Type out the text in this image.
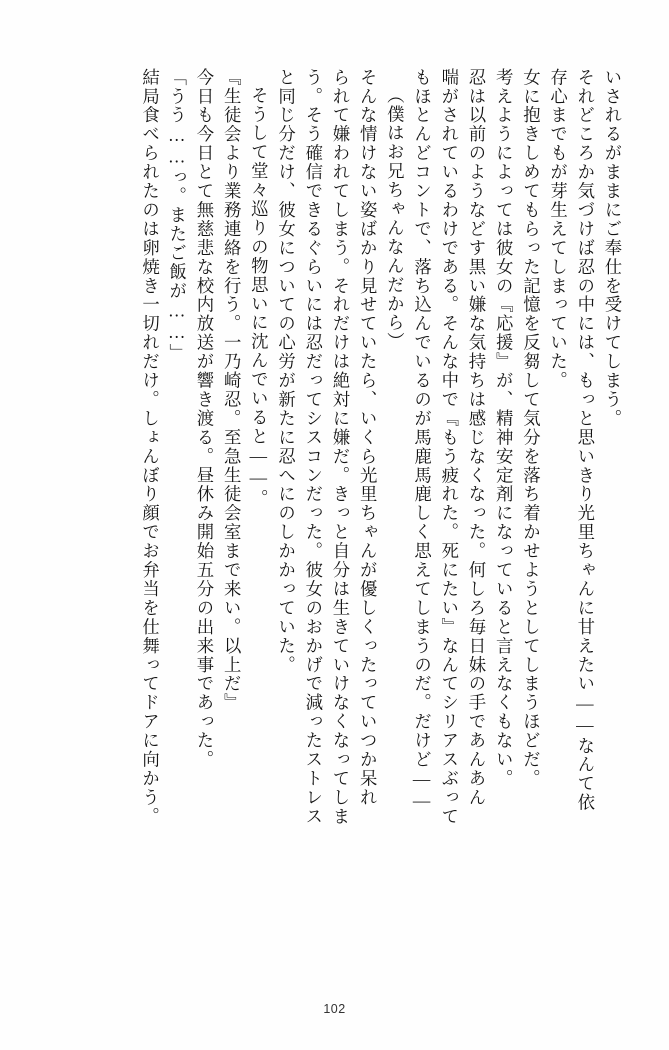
いされるがままにご奉仕を受けてしまう。
それどころか気づけば忍の中には、もっと思いきり光里ちゃんに甘えたい——なんて依
存心までもが芽生えてしまっていた。
女に抱きしめてもらった記憶を反芻して気分を落ち着かせようとしてしまうほどだ。
考えようによっては彼女の『応援』が、精神安定剤になっていると言えなくもない。
忍は以前のようなどす黒い嫌な気持ちは感じなくなった。何しろ毎日妹の手であんあん
喘がされているわけである。そんな中で『もう疲れた。死にたい』なんてシリアスぶって
もほとんどコントで、落ち込んでいるのが馬鹿馬鹿しく思えてしまうのだ。だけど——
（僕はお兄ちゃんなんだから）
そんな情けない姿ばかり見せていたら、いくら光里ちゃんが優しくったっていつか呆れ
られて嫌われてしまう。それだけは絶対に嫌だ。きっと自分は生きていけなくなってしま
う。そう確信できるぐらいには忍だってシスコンだった。彼女のおかげで減ったストレス
と同じ分だけ、彼女についての心労が新たに忍へにのしかかっていた。
そうして堂々巡りの物思いに沈んでいると——。
『生徒会より業務連絡を行う。一乃崎忍。至急生徒会室まで来い。以上だ』
今日も今日とて無慈悲な校内放送が響き渡る。昼休み開始五分の出来事であった。
「うう……っ。またご飯が……」
結局食べられたのは卵焼き一切れだけ。しょんぼり顔でお弁当を仕舞ってドアに向かう。
102
